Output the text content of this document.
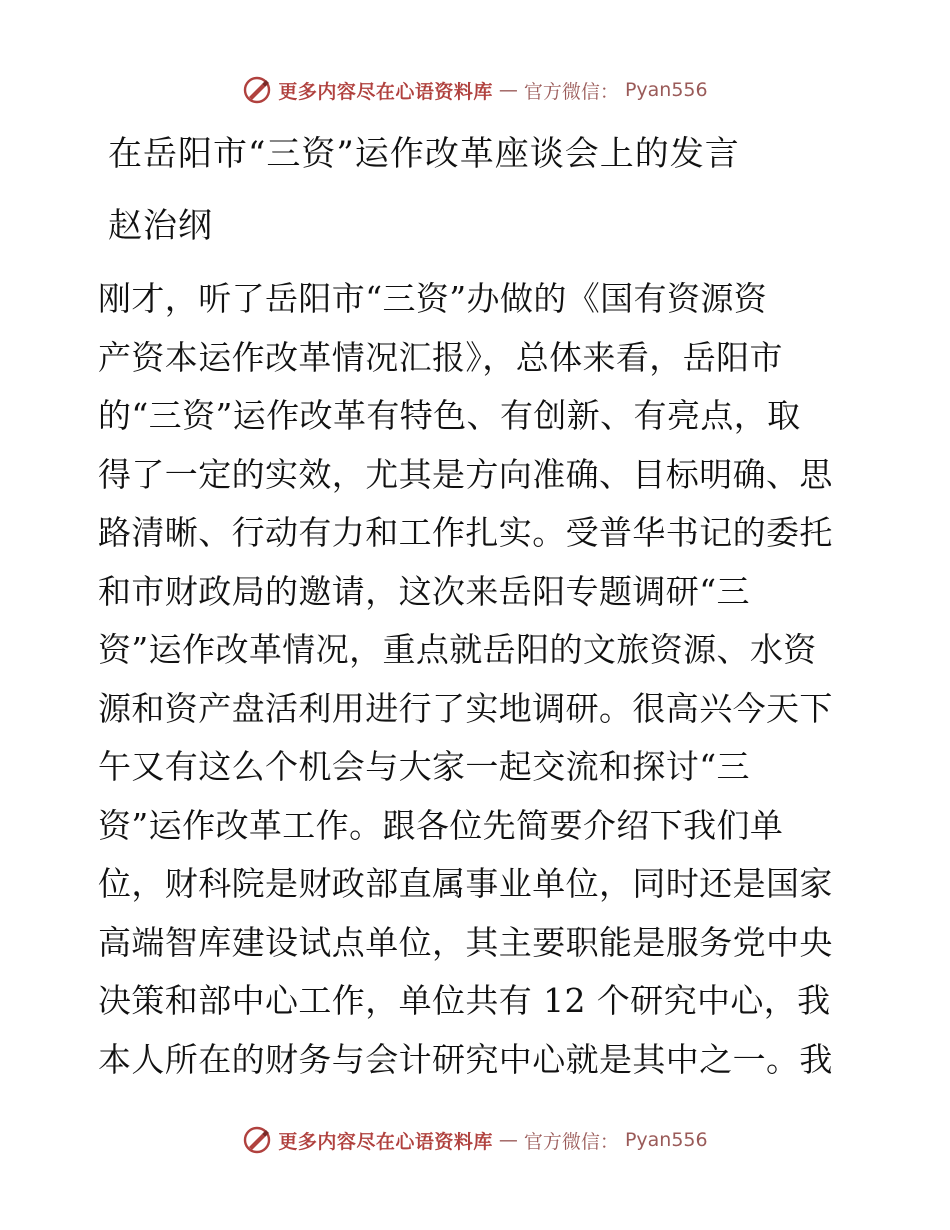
更多内容尽在心语资料库 — 官方微信： Pyan556
在岳阳市“三资”运作改革座谈会上的发言
赵治纲
刚才，听了岳阳市“三资”办做的《国有资源资
产资本运作改革情况汇报》，总体来看，岳阳市
的“三资”运作改革有特色、有创新、有亮点，取
得了一定的实效，尤其是方向准确、目标明确、思
路清晰、行动有力和工作扎实。受普华书记的委托
和市财政局的邀请，这次来岳阳专题调研“三
资”运作改革情况，重点就岳阳的文旅资源、水资
源和资产盘活利用进行了实地调研。很高兴今天下
午又有这么个机会与大家一起交流和探讨“三
资”运作改革工作。跟各位先简要介绍下我们单
位，财科院是财政部直属事业单位，同时还是国家
高端智库建设试点单位，其主要职能是服务党中央
决策和部中心工作，单位共有 12 个研究中心，我
本人所在的财务与会计研究中心就是其中之一。我
更多内容尽在心语资料库 — 官方微信： Pyan556
